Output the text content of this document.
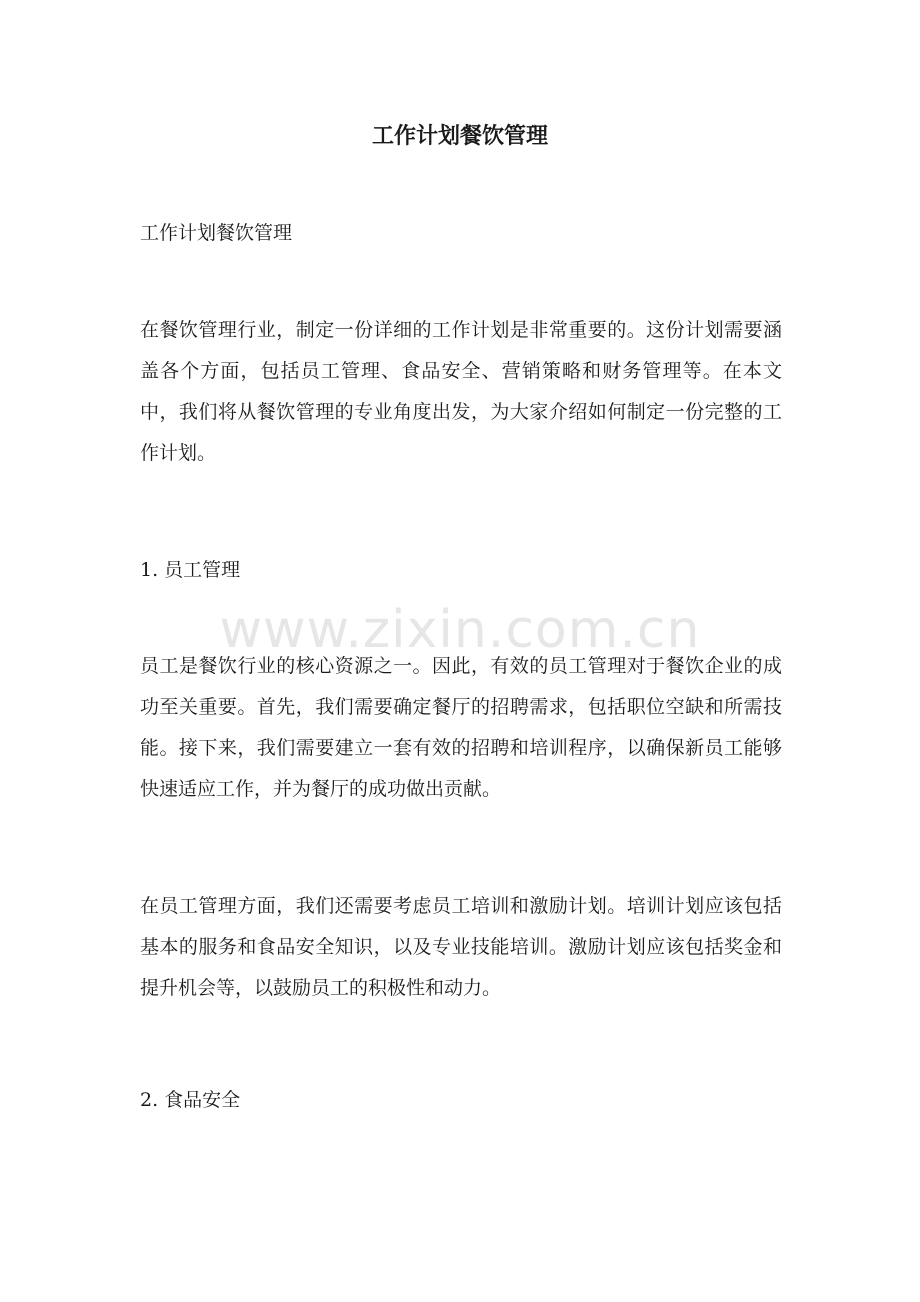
工作计划餐饮管理

工作计划餐饮管理

在餐饮管理行业，制定一份详细的工作计划是非常重要的。这份计划需要涵盖各个方面，包括员工管理、食品安全、营销策略和财务管理等。在本文中，我们将从餐饮管理的专业角度出发，为大家介绍如何制定一份完整的工作计划。

1. 员工管理

员工是餐饮行业的核心资源之一。因此，有效的员工管理对于餐饮企业的成功至关重要。首先，我们需要确定餐厅的招聘需求，包括职位空缺和所需技能。接下来，我们需要建立一套有效的招聘和培训程序，以确保新员工能够快速适应工作，并为餐厅的成功做出贡献。

在员工管理方面，我们还需要考虑员工培训和激励计划。培训计划应该包括基本的服务和食品安全知识，以及专业技能培训。激励计划应该包括奖金和提升机会等，以鼓励员工的积极性和动力。

2. 食品安全

www.zixin.com.cn
